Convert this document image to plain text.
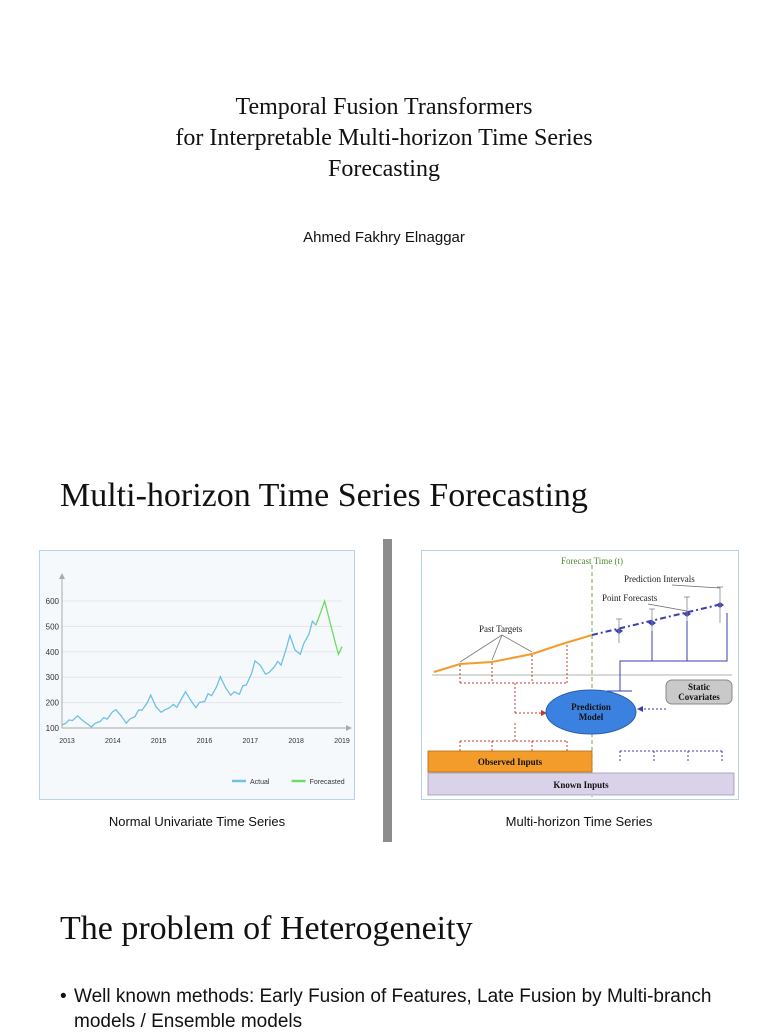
Temporal Fusion Transformers
for Interpretable Multi-horizon Time Series
Forecasting
Ahmed Fakhry Elnaggar
Multi-horizon Time Series Forecasting
100
200
300
400
500
600
2013	2014	2015	2016	2017	2018	2019
Actual	Forecasted
Forecast Time (t)
Prediction Intervals
Point Forecasts
Past Targets
Prediction
Model
Static
Covariates
Observed Inputs
Known Inputs
Normal Univariate Time Series	Multi-horizon Time Series
The problem of Heterogeneity
• Well known methods: Early Fusion of Features, Late Fusion by Multi-branch models / Ensemble models
